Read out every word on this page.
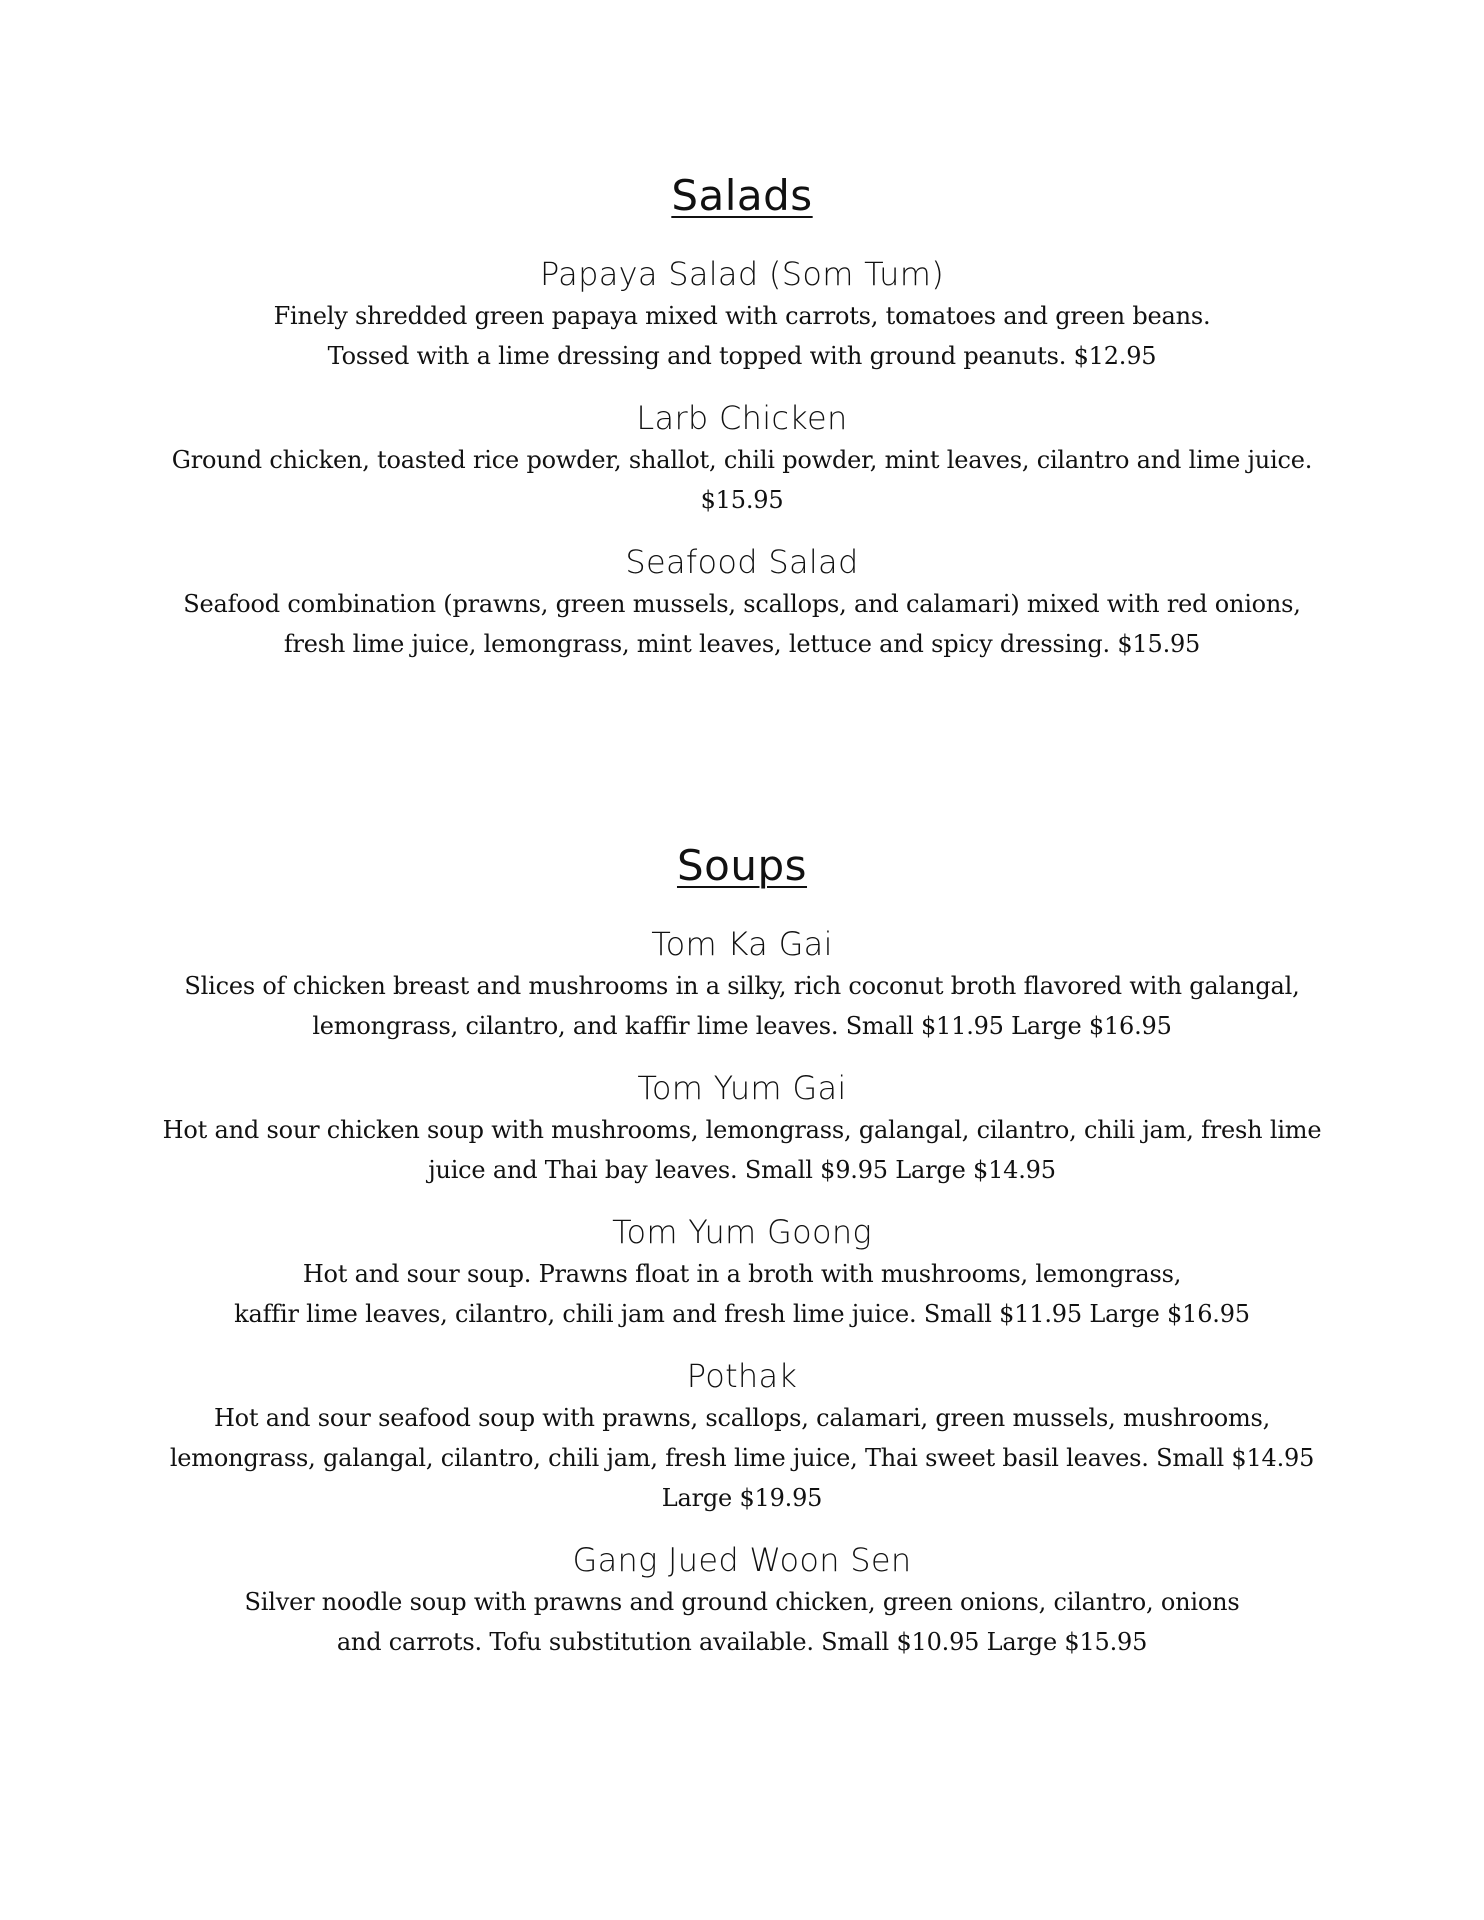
Salads
Papaya Salad (Som Tum)

Finely shredded green papaya mixed with carrots, tomatoes and green beans.
Tossed with a lime dressing and topped with ground peanuts. $12.95

Larb Chicken

Ground chicken, toasted rice powder, shallot, chili powder, mint leaves, cilantro and lime juice.
$15.95

Seafood Salad

Seafood combination (prawns, green mussels, scallops, and calamari) mixed with red onions,
fresh lime juice, lemongrass, mint leaves, lettuce and spicy dressing. $15.95

Soups
Tom Ka Gai

Slices of chicken breast and mushrooms in a silky, rich coconut broth flavored with galangal,
lemongrass, cilantro, and kaffir lime leaves. Small $11.95 Large $16.95

Tom Yum Gai

Hot and sour chicken soup with mushrooms, lemongrass, galangal, cilantro, chili jam, fresh lime
juice and Thai bay leaves. Small $9.95 Large $14.95

Tom Yum Goong

Hot and sour soup. Prawns float in a broth with mushrooms, lemongrass,
kaffir lime leaves, cilantro, chili jam and fresh lime juice. Small $11.95 Large $16.95

Pothak

Hot and sour seafood soup with prawns, scallops, calamari, green mussels, mushrooms,
lemongrass, galangal, cilantro, chili jam, fresh lime juice, Thai sweet basil leaves. Small $14.95
Large $19.95

Gang Jued Woon Sen

Silver noodle soup with prawns and ground chicken, green onions, cilantro, onions
and carrots. Tofu substitution available. Small $10.95 Large $15.95
